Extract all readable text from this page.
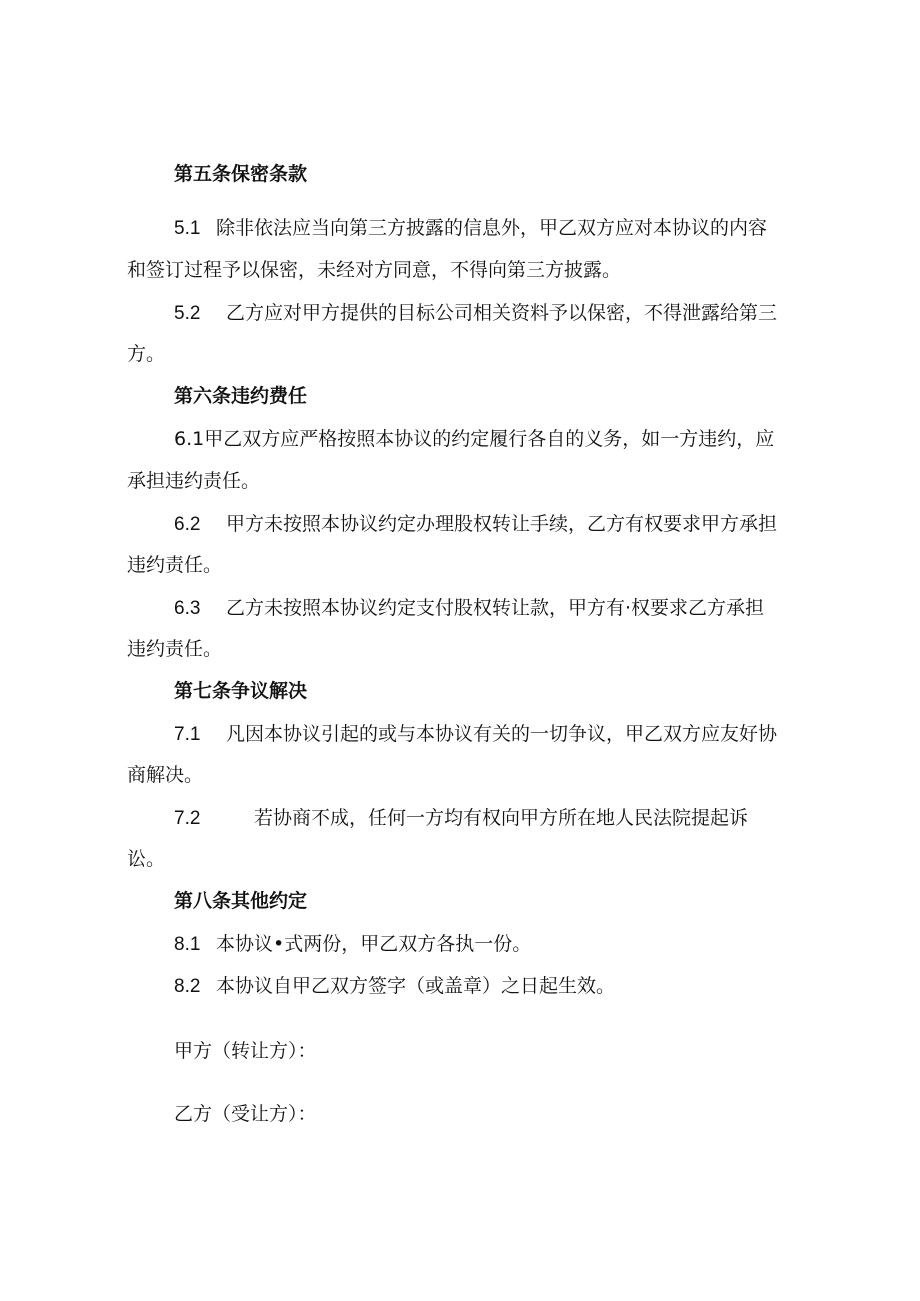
第五条保密条款
5.1 除非依法应当向第三方披露的信息外，甲乙双方应对本协议的内容
和签订过程予以保密，未经对方同意，不得向第三方披露。
5.2 乙方应对甲方提供的目标公司相关资料予以保密，不得泄露给第三
方。
第六条违约费任
6.1甲乙双方应严格按照本协议的约定履行各自的义务，如一方违约，应
承担违约责任。
6.2 甲方未按照本协议约定办理股权转让手续，乙方有权要求甲方承担
违约责任。
6.3 乙方未按照本协议约定支付股权转让款，甲方有·权要求乙方承担
违约责任。
第七条争议解决
7.1 凡因本协议引起的或与本协议有关的一切争议，甲乙双方应友好协
商解决。
7.2	若协商不成，任何一方均有权向甲方所在地人民法院提起诉
讼。
第八条其他约定
8.1 本协议•式两份，甲乙双方各执一份。
8.2 本协议自甲乙双方签字（或盖章）之日起生效。
甲方（转让方）：
乙方（受让方）：
